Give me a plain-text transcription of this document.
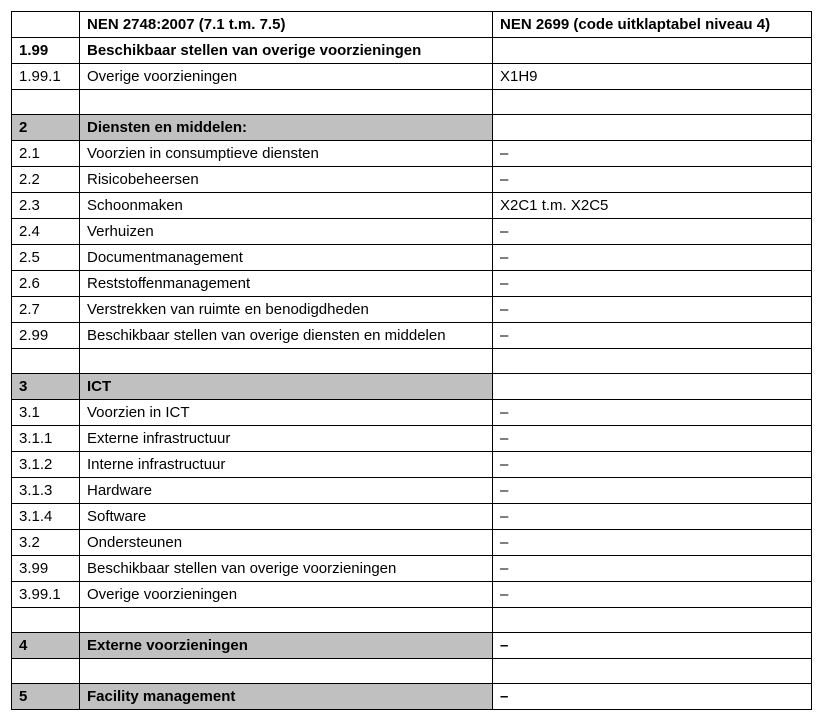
	NEN 2748:2007 (7.1 t.m. 7.5)	NEN 2699 (code uitklaptabel niveau 4)
1.99	Beschikbaar stellen van overige voorzieningen	
1.99.1	Overige voorzieningen	X1H9

2	Diensten en middelen:	
2.1	Voorzien in consumptieve diensten	–
2.2	Risicobeheersen	–
2.3	Schoonmaken	X2C1 t.m. X2C5
2.4	Verhuizen	–
2.5	Documentmanagement	–
2.6	Reststoffenmanagement	–
2.7	Verstrekken van ruimte en benodigdheden	–
2.99	Beschikbaar stellen van overige diensten en middelen	–

3	ICT	
3.1	Voorzien in ICT	–
3.1.1	Externe infrastructuur	–
3.1.2	Interne infrastructuur	–
3.1.3	Hardware	–
3.1.4	Software	–
3.2	Ondersteunen	–
3.99	Beschikbaar stellen van overige voorzieningen	–
3.99.1	Overige voorzieningen	–

4	Externe voorzieningen	–

5	Facility management	–
